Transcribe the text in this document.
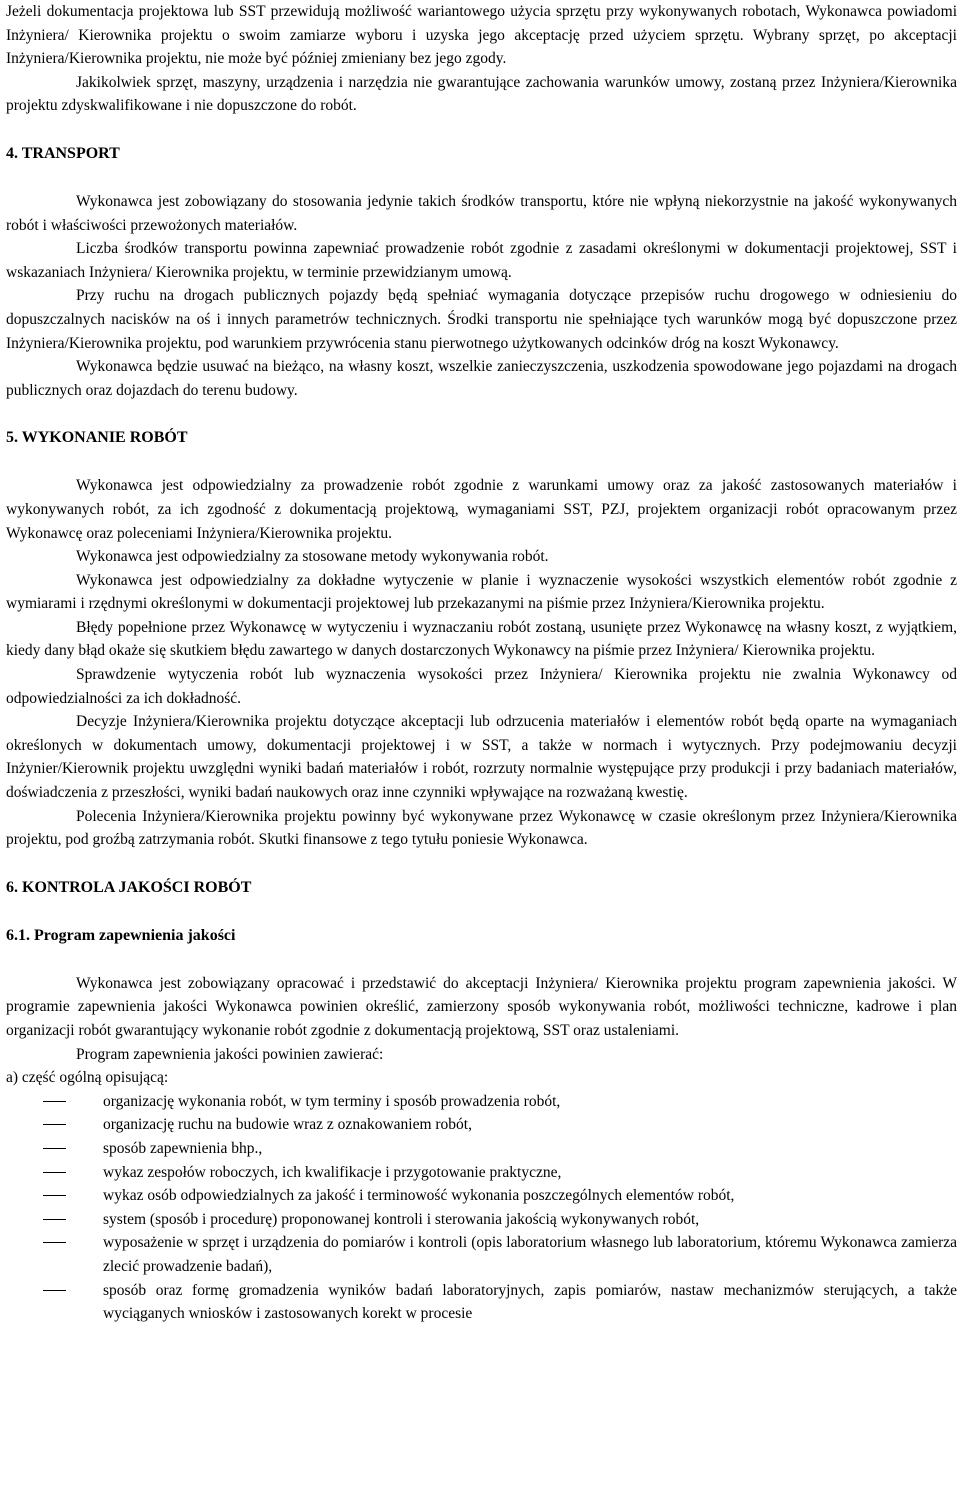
Jeżeli dokumentacja projektowa lub SST przewidują możliwość wariantowego użycia sprzętu przy wykonywanych robotach, Wykonawca powiadomi Inżyniera/ Kierownika projektu o swoim zamiarze wyboru i uzyska jego akceptację przed użyciem sprzętu. Wybrany sprzęt, po akceptacji Inżyniera/Kierownika projektu, nie może być później zmieniany bez jego zgody.

Jakikolwiek sprzęt, maszyny, urządzenia i narzędzia nie gwarantujące zachowania warunków umowy, zostaną przez Inżyniera/Kierownika projektu zdyskwalifikowane i nie dopuszczone do robót.

4. TRANSPORT

Wykonawca jest zobowiązany do stosowania jedynie takich środków transportu, które nie wpłyną niekorzystnie na jakość wykonywanych robót i właściwości przewożonych materiałów.

Liczba środków transportu powinna zapewniać prowadzenie robót zgodnie z zasadami określonymi w dokumentacji projektowej, SST i wskazaniach Inżyniera/ Kierownika projektu, w terminie przewidzianym umową.

Przy ruchu na drogach publicznych pojazdy będą spełniać wymagania dotyczące przepisów ruchu drogowego w odniesieniu do dopuszczalnych nacisków na oś i innych parametrów technicznych. Środki transportu nie spełniające tych warunków mogą być dopuszczone przez Inżyniera/Kierownika projektu, pod warunkiem przywrócenia stanu pierwotnego użytkowanych odcinków dróg na koszt Wykonawcy.

Wykonawca będzie usuwać na bieżąco, na własny koszt, wszelkie zanieczyszczenia, uszkodzenia spowodowane jego pojazdami na drogach publicznych oraz dojazdach do terenu budowy.

5. WYKONANIE ROBÓT

Wykonawca jest odpowiedzialny za prowadzenie robót zgodnie z warunkami umowy oraz za jakość zastosowanych materiałów i wykonywanych robót, za ich zgodność z dokumentacją projektową, wymaganiami SST, PZJ, projektem organizacji robót opracowanym przez Wykonawcę oraz poleceniami Inżyniera/Kierownika projektu.

Wykonawca jest odpowiedzialny za stosowane metody wykonywania robót.

Wykonawca jest odpowiedzialny za dokładne wytyczenie w planie i wyznaczenie wysokości wszystkich elementów robót zgodnie z wymiarami i rzędnymi określonymi w dokumentacji projektowej lub przekazanymi na piśmie przez Inżyniera/Kierownika projektu.

Błędy popełnione przez Wykonawcę w wytyczeniu i wyznaczaniu robót zostaną, usunięte przez Wykonawcę na własny koszt, z wyjątkiem, kiedy dany błąd okaże się skutkiem błędu zawartego w danych dostarczonych Wykonawcy na piśmie przez Inżyniera/ Kierownika projektu.

Sprawdzenie wytyczenia robót lub wyznaczenia wysokości przez Inżyniera/ Kierownika projektu nie zwalnia Wykonawcy od odpowiedzialności za ich dokładność.

Decyzje Inżyniera/Kierownika projektu dotyczące akceptacji lub odrzucenia materiałów i elementów robót będą oparte na wymaganiach określonych w dokumentach umowy, dokumentacji projektowej i w SST, a także w normach i wytycznych. Przy podejmowaniu decyzji Inżynier/Kierownik projektu uwzględni wyniki badań materiałów i robót, rozrzuty normalnie występujące przy produkcji i przy badaniach materiałów, doświadczenia z przeszłości, wyniki badań naukowych oraz inne czynniki wpływające na rozważaną kwestię.

Polecenia Inżyniera/Kierownika projektu powinny być wykonywane przez Wykonawcę w czasie określonym przez Inżyniera/Kierownika projektu, pod groźbą zatrzymania robót. Skutki finansowe z tego tytułu poniesie Wykonawca.

6. KONTROLA JAKOŚCI ROBÓT
6.1. Program zapewnienia jakości

Wykonawca jest zobowiązany opracować i przedstawić do akceptacji Inżyniera/ Kierownika projektu program zapewnienia jakości. W programie zapewnienia jakości Wykonawca powinien określić, zamierzony sposób wykonywania robót, możliwości techniczne, kadrowe i plan organizacji robót gwarantujący wykonanie robót zgodnie z dokumentacją projektową, SST oraz ustaleniami.

Program zapewnienia jakości powinien zawierać:

a) część ogólną opisującą:

organizację wykonania robót, w tym terminy i sposób prowadzenia robót,
organizację ruchu na budowie wraz z oznakowaniem robót,
sposób zapewnienia bhp.,
wykaz zespołów roboczych, ich kwalifikacje i przygotowanie praktyczne,
wykaz osób odpowiedzialnych za jakość i terminowość wykonania poszczególnych elementów robót,
system (sposób i procedurę) proponowanej kontroli i sterowania jakością wykonywanych robót,
wyposażenie w sprzęt i urządzenia do pomiarów i kontroli (opis laboratorium własnego lub laboratorium, któremu Wykonawca zamierza zlecić prowadzenie badań),
sposób oraz formę gromadzenia wyników badań laboratoryjnych, zapis pomiarów, nastaw mechanizmów sterujących, a także wyciąganych wniosków i zastosowanych korekt w procesie
